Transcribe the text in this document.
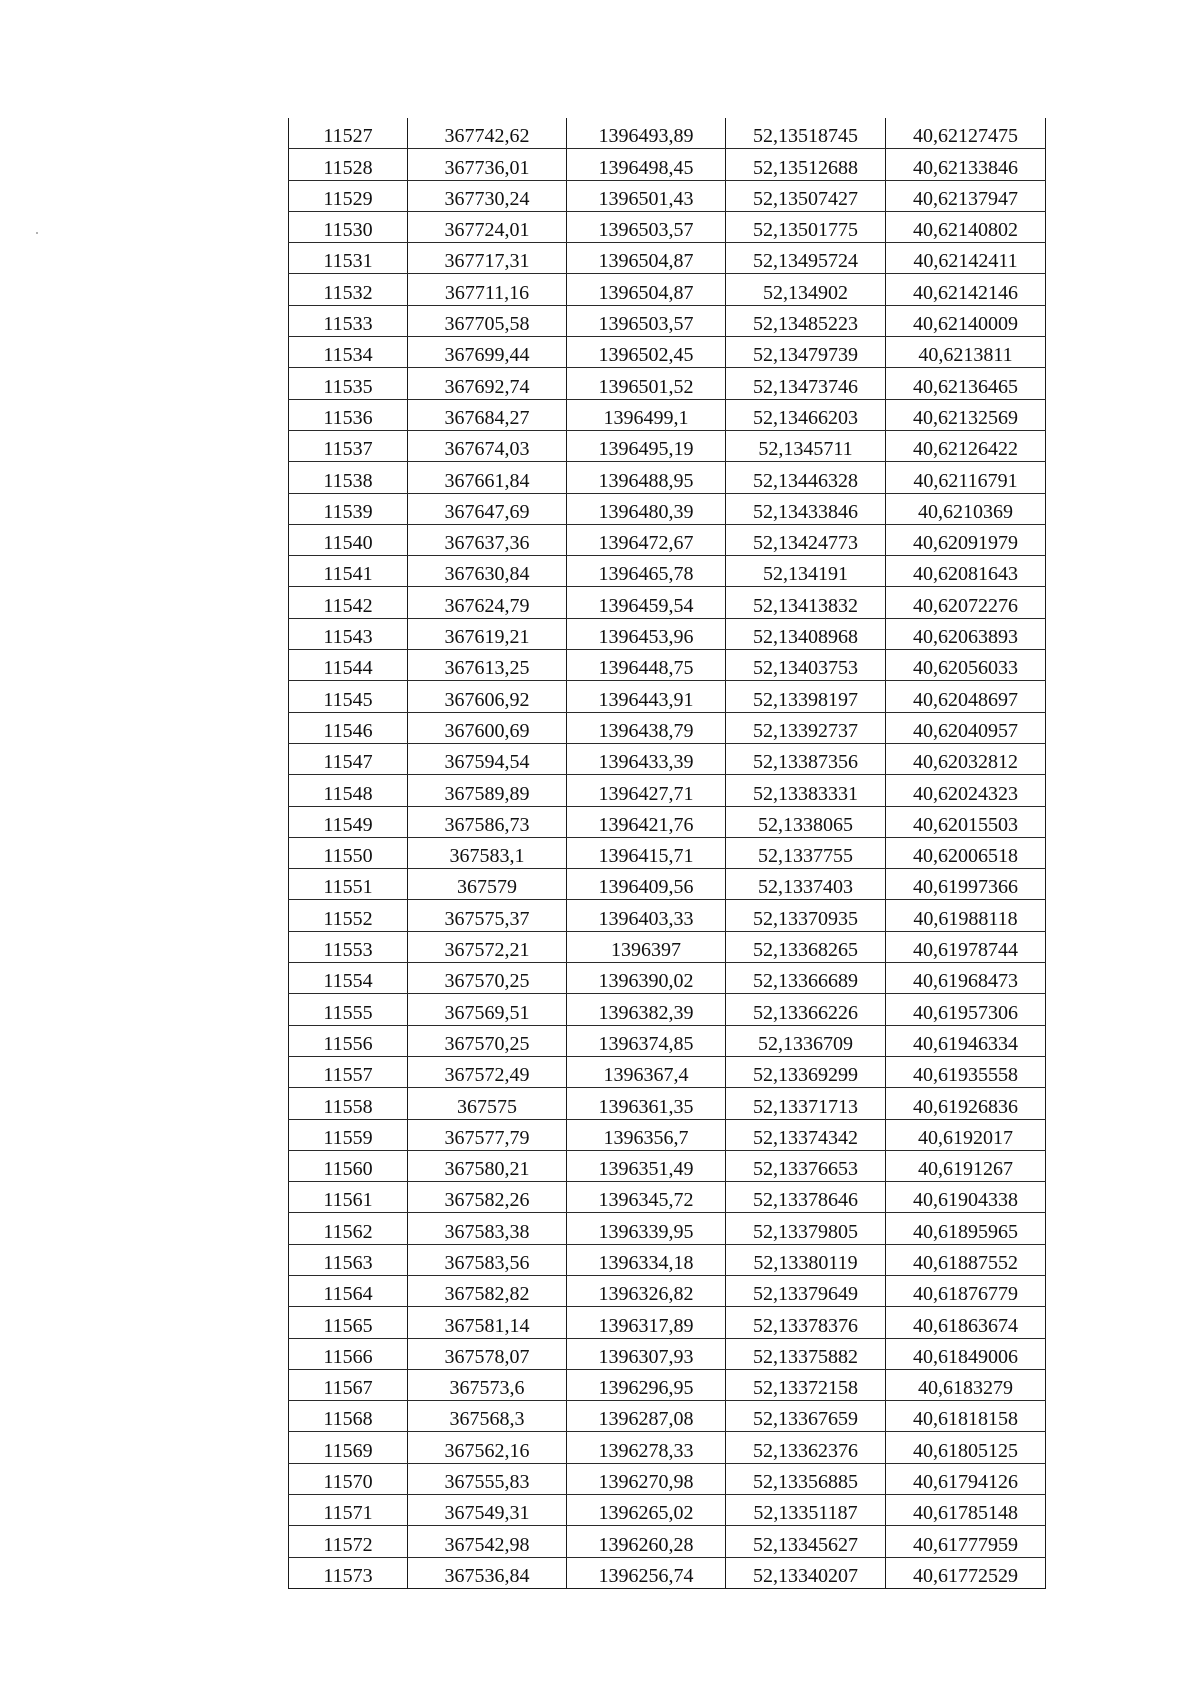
11527	367742,62	1396493,89	52,13518745	40,62127475
11528	367736,01	1396498,45	52,13512688	40,62133846
11529	367730,24	1396501,43	52,13507427	40,62137947
11530	367724,01	1396503,57	52,13501775	40,62140802
11531	367717,31	1396504,87	52,13495724	40,62142411
11532	367711,16	1396504,87	52,134902	40,62142146
11533	367705,58	1396503,57	52,13485223	40,62140009
11534	367699,44	1396502,45	52,13479739	40,6213811
11535	367692,74	1396501,52	52,13473746	40,62136465
11536	367684,27	1396499,1	52,13466203	40,62132569
11537	367674,03	1396495,19	52,1345711	40,62126422
11538	367661,84	1396488,95	52,13446328	40,62116791
11539	367647,69	1396480,39	52,13433846	40,6210369
11540	367637,36	1396472,67	52,13424773	40,62091979
11541	367630,84	1396465,78	52,134191	40,62081643
11542	367624,79	1396459,54	52,13413832	40,62072276
11543	367619,21	1396453,96	52,13408968	40,62063893
11544	367613,25	1396448,75	52,13403753	40,62056033
11545	367606,92	1396443,91	52,13398197	40,62048697
11546	367600,69	1396438,79	52,13392737	40,62040957
11547	367594,54	1396433,39	52,13387356	40,62032812
11548	367589,89	1396427,71	52,13383331	40,62024323
11549	367586,73	1396421,76	52,1338065	40,62015503
11550	367583,1	1396415,71	52,1337755	40,62006518
11551	367579	1396409,56	52,1337403	40,61997366
11552	367575,37	1396403,33	52,13370935	40,61988118
11553	367572,21	1396397	52,13368265	40,61978744
11554	367570,25	1396390,02	52,13366689	40,61968473
11555	367569,51	1396382,39	52,13366226	40,61957306
11556	367570,25	1396374,85	52,1336709	40,61946334
11557	367572,49	1396367,4	52,13369299	40,61935558
11558	367575	1396361,35	52,13371713	40,61926836
11559	367577,79	1396356,7	52,13374342	40,6192017
11560	367580,21	1396351,49	52,13376653	40,6191267
11561	367582,26	1396345,72	52,13378646	40,61904338
11562	367583,38	1396339,95	52,13379805	40,61895965
11563	367583,56	1396334,18	52,13380119	40,61887552
11564	367582,82	1396326,82	52,13379649	40,61876779
11565	367581,14	1396317,89	52,13378376	40,61863674
11566	367578,07	1396307,93	52,13375882	40,61849006
11567	367573,6	1396296,95	52,13372158	40,6183279
11568	367568,3	1396287,08	52,13367659	40,61818158
11569	367562,16	1396278,33	52,13362376	40,61805125
11570	367555,83	1396270,98	52,13356885	40,61794126
11571	367549,31	1396265,02	52,13351187	40,61785148
11572	367542,98	1396260,28	52,13345627	40,61777959
11573	367536,84	1396256,74	52,13340207	40,61772529
